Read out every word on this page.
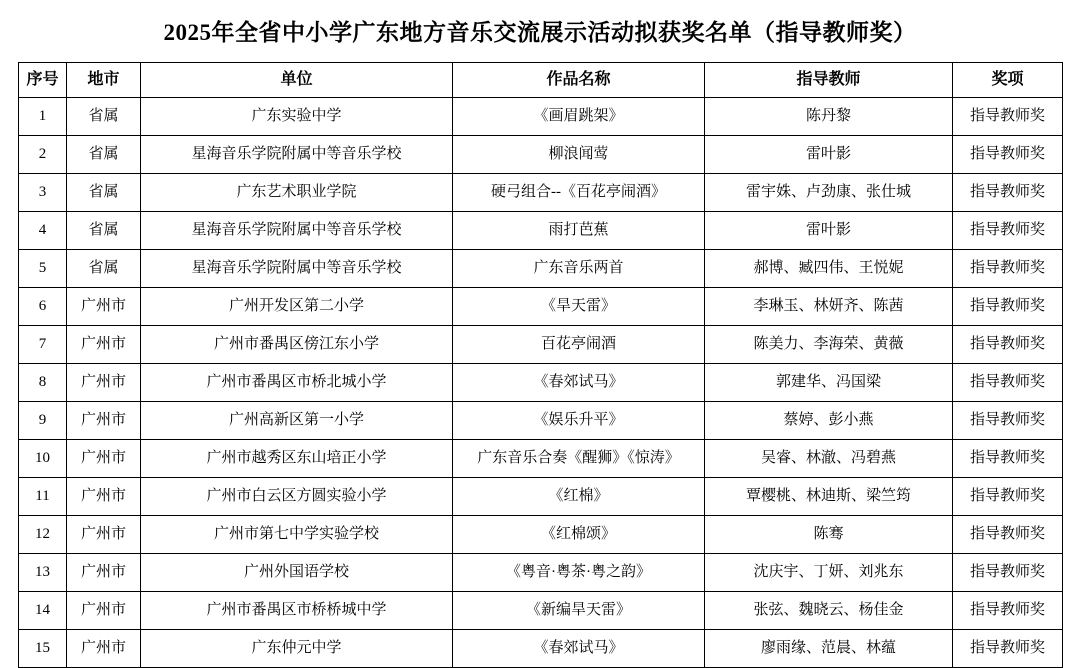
2025年全省中小学广东地方音乐交流展示活动拟获奖名单（指导教师奖）
序号	地市	单位	作品名称	指导教师	奖项
1	省属	广东实验中学	《画眉跳架》	陈丹黎	指导教师奖
2	省属	星海音乐学院附属中等音乐学校	柳浪闻莺	雷叶影	指导教师奖
3	省属	广东艺术职业学院	硬弓组合--《百花亭闹酒》	雷宇姝、卢劲康、张仕城	指导教师奖
4	省属	星海音乐学院附属中等音乐学校	雨打芭蕉	雷叶影	指导教师奖
5	省属	星海音乐学院附属中等音乐学校	广东音乐两首	郝博、臧四伟、王悦妮	指导教师奖
6	广州市	广州开发区第二小学	《旱天雷》	李琳玉、林妍齐、陈茜	指导教师奖
7	广州市	广州市番禺区傍江东小学	百花亭闹酒	陈美力、李海荣、黄薇	指导教师奖
8	广州市	广州市番禺区市桥北城小学	《春郊试马》	郭建华、冯国梁	指导教师奖
9	广州市	广州高新区第一小学	《娱乐升平》	蔡婷、彭小燕	指导教师奖
10	广州市	广州市越秀区东山培正小学	广东音乐合奏《醒狮》《惊涛》	吴睿、林澈、冯碧燕	指导教师奖
11	广州市	广州市白云区方圆实验小学	《红棉》	覃樱桃、林迪斯、梁竺筠	指导教师奖
12	广州市	广州市第七中学实验学校	《红棉颂》	陈骞	指导教师奖
13	广州市	广州外国语学校	《粤音·粤茶·粤之韵》	沈庆宇、丁妍、刘兆东	指导教师奖
14	广州市	广州市番禺区市桥桥城中学	《新编旱天雷》	张弦、魏晓云、杨佳金	指导教师奖
15	广州市	广东仲元中学	《春郊试马》	廖雨缘、范晨、林蕴	指导教师奖
